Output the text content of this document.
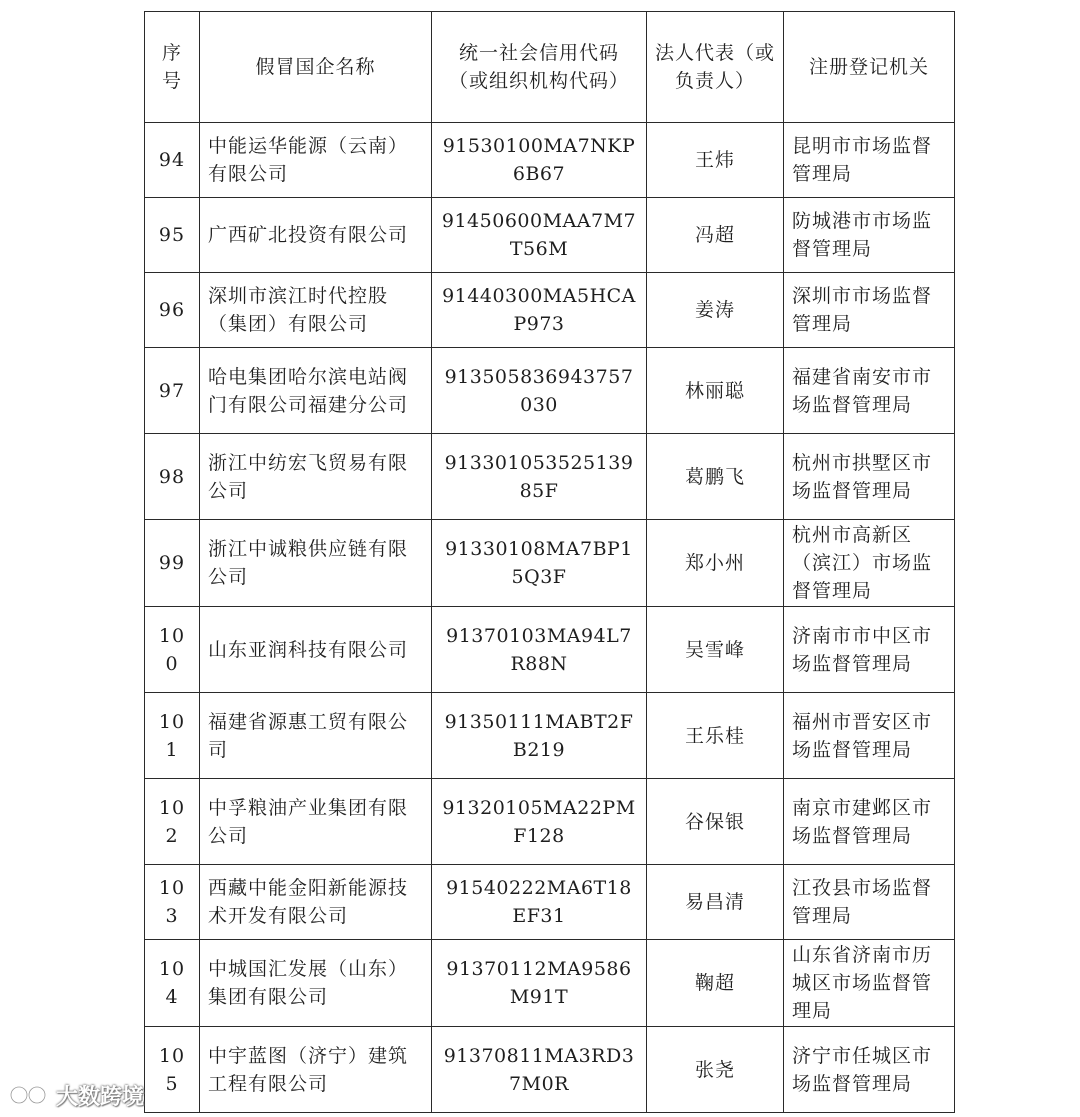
序号	假冒国企名称	统一社会信用代码（或组织机构代码）	法人代表（或负责人）	注册登记机关
94	中能运华能源（云南）有限公司	91530100MA7NKP6B67	王炜	昆明市市场监督管理局
95	广西矿北投资有限公司	91450600MAA7M7T56M	冯超	防城港市市场监督管理局
96	深圳市滨江时代控股（集团）有限公司	91440300MA5HCAP973	姜涛	深圳市市场监督管理局
97	哈电集团哈尔滨电站阀门有限公司福建分公司	913505836943757030	林丽聪	福建省南安市市场监督管理局
98	浙江中纺宏飞贸易有限公司	91330105352513985F	葛鹏飞	杭州市拱墅区市场监督管理局
99	浙江中诚粮供应链有限公司	91330108MA7BP15Q3F	郑小州	杭州市高新区（滨江）市场监督管理局
100	山东亚润科技有限公司	91370103MA94L7R88N	吴雪峰	济南市市中区市场监督管理局
101	福建省源惠工贸有限公司	91350111MABT2FB219	王乐桂	福州市晋安区市场监督管理局
102	中孚粮油产业集团有限公司	91320105MA22PMF128	谷保银	南京市建邺区市场监督管理局
103	西藏中能金阳新能源技术开发有限公司	91540222MA6T18EF31	易昌清	江孜县市场监督管理局
104	中城国汇发展（山东）集团有限公司	91370112MA9586M91T	鞠超	山东省济南市历城区市场监督管理局
105	中宇蓝图（济宁）建筑工程有限公司	91370811MA3RD37M0R	张尧	济宁市任城区市场监督管理局
大数跨境
